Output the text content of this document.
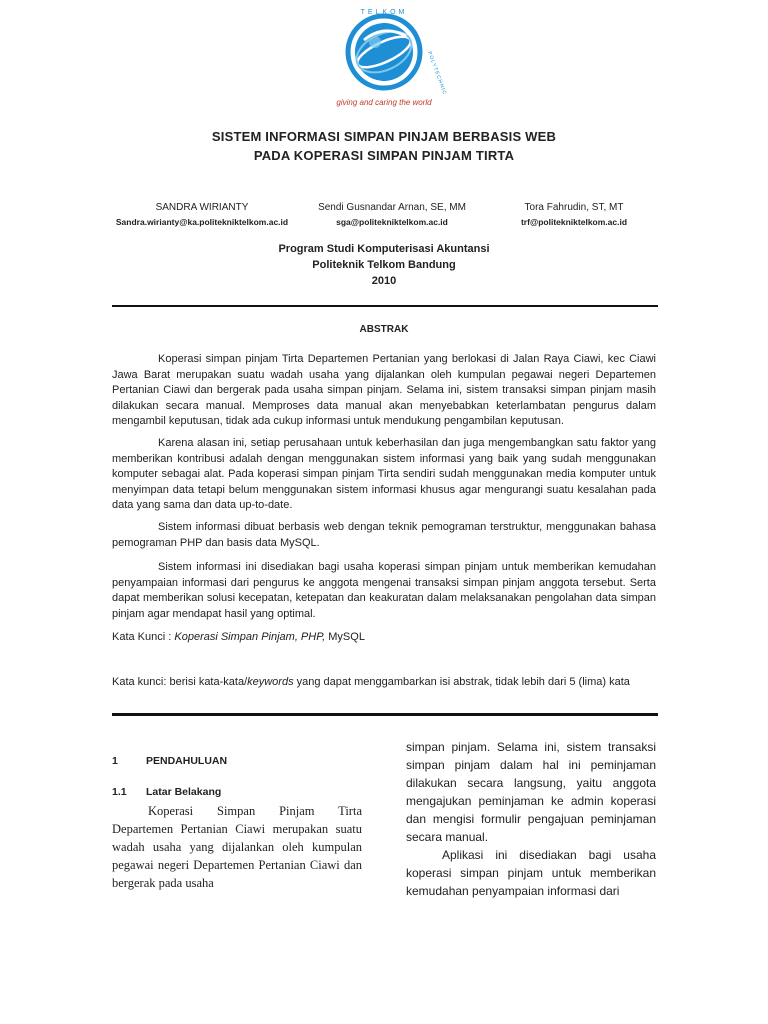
TELKOM
POLYTECHNIC
giving and caring the world
SISTEM INFORMASI SIMPAN PINJAM BERBASIS WEB
PADA KOPERASI SIMPAN PINJAM TIRTA
SANDRA WIRIANTY
Sandra.wirianty@ka.politekniktelkom.ac.id
Sendi Gusnandar Arnan, SE, MM
sga@politekniktelkom.ac.id
Tora Fahrudin, ST, MT
trf@politekniktelkom.ac.id
Program Studi Komputerisasi Akuntansi
Politeknik Telkom Bandung
2010
ABSTRAK

Koperasi simpan pinjam Tirta Departemen Pertanian yang berlokasi di Jalan Raya Ciawi, kec Ciawi Jawa Barat merupakan suatu wadah usaha yang dijalankan oleh kumpulan pegawai negeri Departemen Pertanian Ciawi dan bergerak pada usaha simpan pinjam. Selama ini, sistem transaksi simpan pinjam masih dilakukan secara manual. Memproses data manual akan menyebabkan keterlambatan pengurus dalam mengambil keputusan, tidak ada cukup informasi untuk mendukung pengambilan keputusan.

Karena alasan ini, setiap perusahaan untuk keberhasilan dan juga mengembangkan satu faktor yang memberikan kontribusi adalah dengan menggunakan sistem informasi yang baik yang sudah menggunakan komputer sebagai alat. Pada koperasi simpan pinjam Tirta sendiri sudah menggunakan media komputer untuk menyimpan data tetapi belum menggunakan sistem informasi khusus agar mengurangi suatu kesalahan pada data yang sama dan data up-to-date.

Sistem informasi dibuat berbasis web dengan teknik pemograman terstruktur, menggunakan bahasa pemograman PHP dan basis data MySQL.

Sistem informasi ini disediakan bagi usaha koperasi simpan pinjam untuk memberikan kemudahan penyampaian informasi dari pengurus ke anggota mengenai transaksi simpan pinjam anggota tersebut. Serta dapat memberikan solusi kecepatan, ketepatan dan keakuratan dalam melaksanakan pengolahan data simpan pinjam agar mendapat hasil yang optimal.

Kata Kunci : Koperasi Simpan Pinjam, PHP, MySQL

Kata kunci: berisi kata-kata/keywords yang dapat menggambarkan isi abstrak, tidak lebih dari 5 (lima) kata

1	PENDAHULUAN
1.1 Latar Belakang

Koperasi Simpan Pinjam Tirta Departemen Pertanian Ciawi merupakan suatu wadah usaha yang dijalankan oleh kumpulan pegawai negeri Departemen Pertanian Ciawi dan bergerak pada usaha

simpan pinjam. Selama ini, sistem transaksi simpan pinjam dalam hal ini peminjaman dilakukan secara langsung, yaitu anggota mengajukan peminjaman ke admin koperasi dan mengisi formulir pengajuan peminjaman secara manual.

Aplikasi ini disediakan bagi usaha koperasi simpan pinjam untuk memberikan kemudahan penyampaian informasi dari
